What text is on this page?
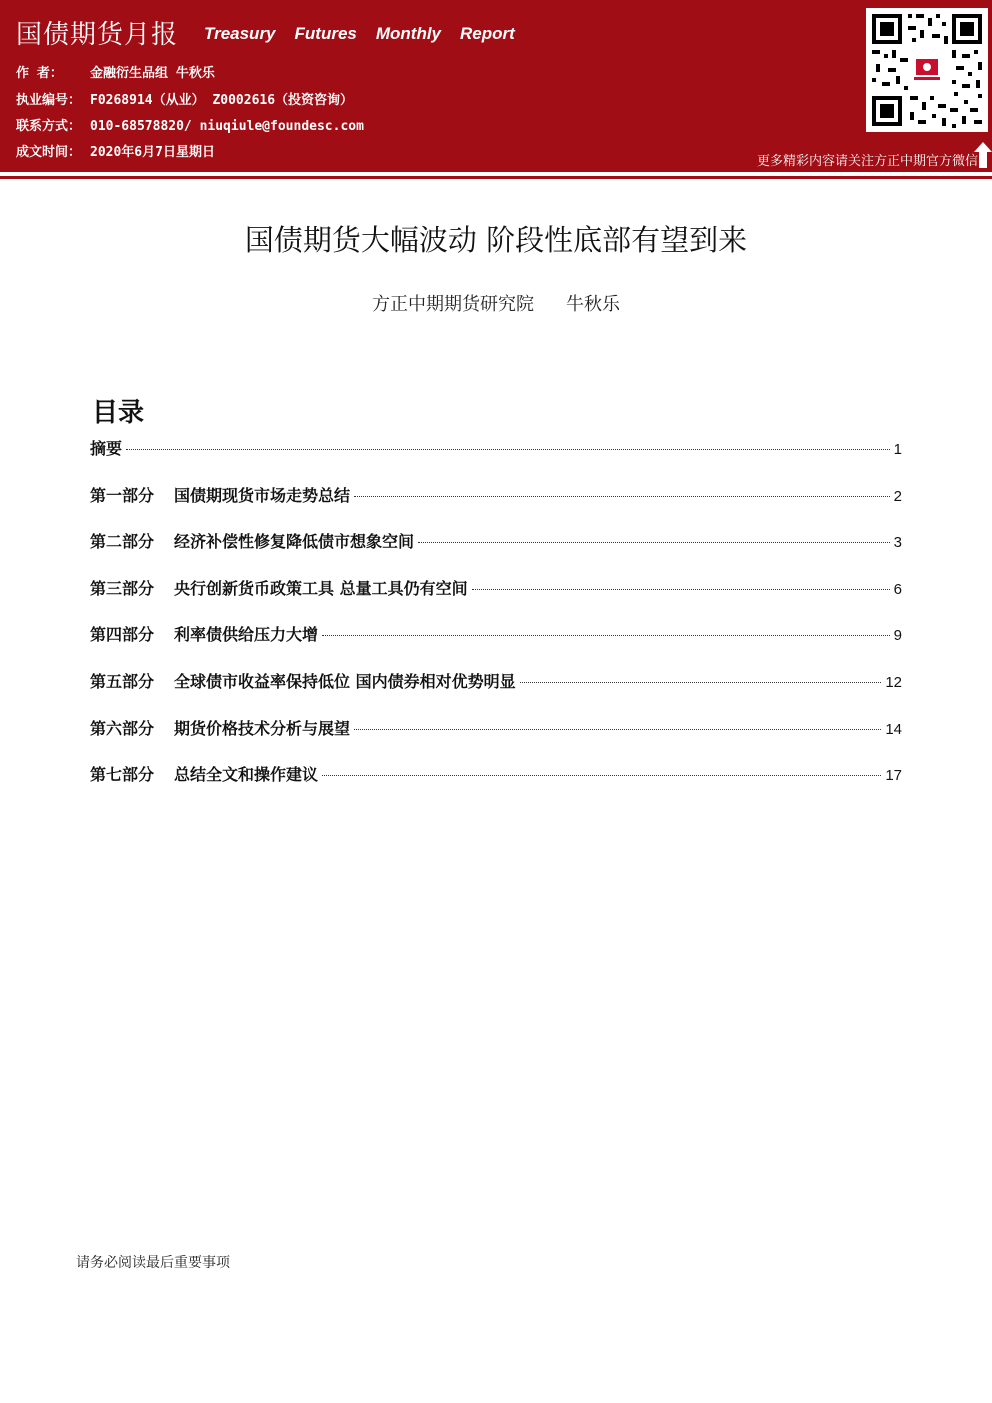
国债期货月报 Treasury Futures Monthly Report
作 者： 金融衍生品组 牛秋乐
执业编号： F0268914（从业） Z0002616（投资咨询）
联系方式： 010-68578820/ niuqiule@foundesc.com
成文时间： 2020年6月7日星期日
更多精彩内容请关注方正中期官方微信
国债期货大幅波动 阶段性底部有望到来
方正中期期货研究院 牛秋乐
目录
摘要	1
第一部分 国债期现货市场走势总结	2
第二部分 经济补偿性修复降低债市想象空间	3
第三部分 央行创新货币政策工具 总量工具仍有空间	6
第四部分 利率债供给压力大增	9
第五部分 全球债市收益率保持低位 国内债券相对优势明显	12
第六部分 期货价格技术分析与展望	14
第七部分 总结全文和操作建议	17
请务必阅读最后重要事项
